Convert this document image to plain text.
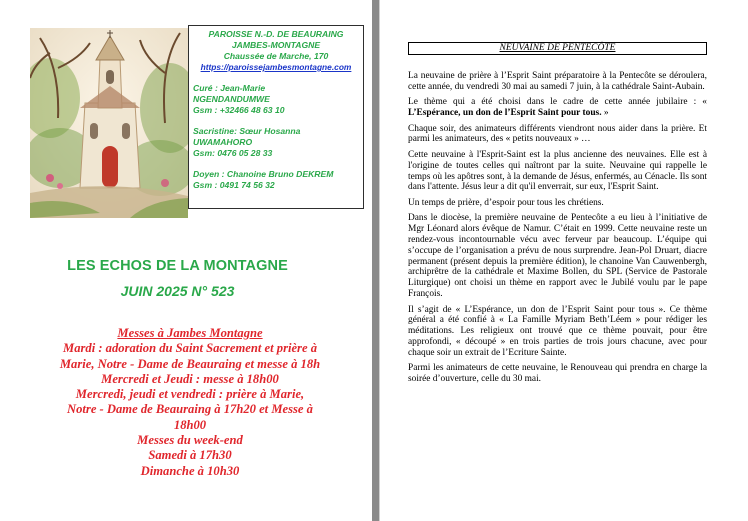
PAROISSE N.-D. DE BEAURAING
JAMBES-MONTAGNE
Chaussée de Marche, 170
https://paroissejambesmontagne.com
Curé : Jean-Marie
NGENDANDUMWE
Gsm : +32466 48 63 10
Sacristine: Sœur Hosanna
UWAMAHORO
Gsm: 0476 05 28 33
Doyen : Chanoine Bruno DEKREM
Gsm : 0491 74 56 32
LES ECHOS DE LA MONTAGNE
JUIN 2025 N° 523
Messes à Jambes Montagne
Mardi : adoration du Saint Sacrement et prière à
Marie, Notre - Dame de Beauraing et messe à 18h
Mercredi et Jeudi : messe à 18h00
Mercredi, jeudi et vendredi : prière à Marie,
Notre - Dame de Beauraing à 17h20 et Messe à
18h00
Messes du week-end
Samedi à 17h30
Dimanche à 10h30
NEUVAINE DE PENTECÔTE

La neuvaine de prière à l’Esprit Saint préparatoire à la Pentecôte se déroulera, cette année, du vendredi 30 mai au samedi 7 juin, à la cathédrale Saint-Aubain.

Le thème qui a été choisi dans le cadre de cette année jubilaire : « L’Espérance, un don de l’Esprit Saint pour tous. »

Chaque soir, des animateurs différents viendront nous aider dans la prière. Et parmi les animateurs, des « petits nouveaux » …

Cette neuvaine à l'Esprit-Saint est la plus ancienne des neuvaines. Elle est à l'origine de toutes celles qui naîtront par la suite. Neuvaine qui rappelle le temps où les apôtres sont, à la demande de Jésus, enfermés, au Cénacle. Ils sont dans l'attente. Jésus leur a dit qu'il enverrait, sur eux, l'Esprit Saint.

Un temps de prière, d’espoir pour tous les chrétiens.

Dans le diocèse, la première neuvaine de Pentecôte a eu lieu à l’initiative de Mgr Léonard alors évêque de Namur. C’était en 1999. Cette neuvaine reste un rendez-vous incontournable vécu avec ferveur par beaucoup. L’équipe qui s’occupe de l’organisation a prévu de nous surprendre. Jean-Pol Druart, diacre permanent (présent depuis la première édition), le chanoine Van Cauwenbergh, archiprêtre de la cathédrale et Maxime Bollen, du SPL (Service de Pastorale Liturgique) ont choisi un thème en rapport avec le Jubilé voulu par le pape François.

Il s’agit de « L’Espérance, un don de l’Esprit Saint pour tous ». Ce thème général a été confié à « La Famille Myriam Beth’Léem » pour rédiger les méditations. Les religieux ont trouvé que ce thème pouvait, pour être approfondi, « découpé » en trois parties de trois jours chacune, avec pour chaque soir un extrait de l’Ecriture Sainte.

Parmi les animateurs de cette neuvaine, le Renouveau qui prendra en charge la soirée d’ouverture, celle du 30 mai.
